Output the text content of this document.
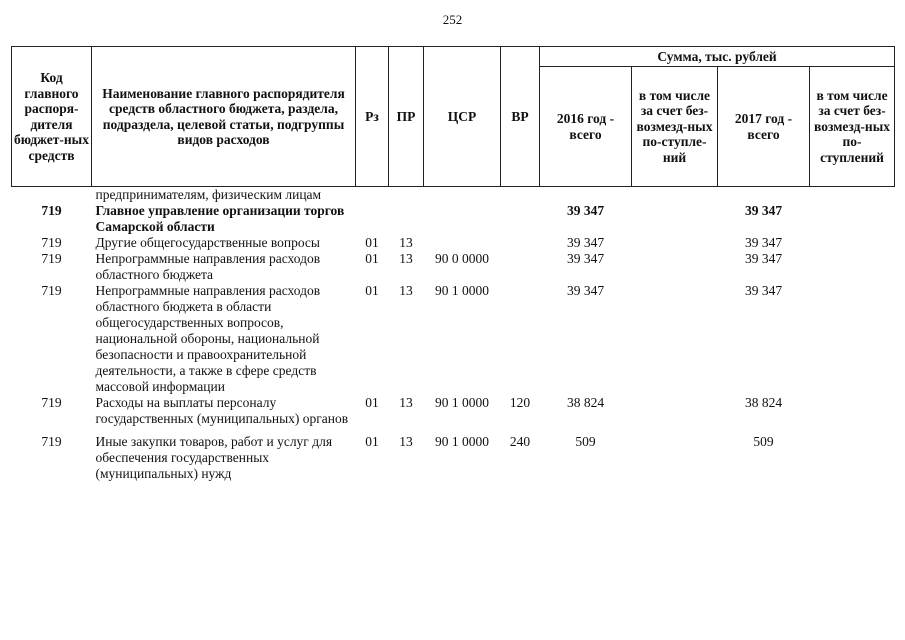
252
Код главного распоря-дителя бюджет-ных средств	Наименование главного распорядителя средств областного бюджета, раздела, подраздела, целевой статьи, подгруппы видов расходов	Рз	ПР	ЦСР	ВР	Сумма, тыс. рублей			
						2016 год - всего	в том числе за счет без-возмезд-ных по-ступле-ний	2017 год - всего	в том числе за счет без-возмезд-ных по-ступлений
	предпринимателям, физическим лицам								
719	Главное управление организации торгов Самарской области					39 347		39 347	
719	Другие общегосударственные вопросы	01	13			39 347		39 347	
719	Непрограммные направления расходов областного бюджета	01	13	90 0 0000		39 347		39 347	
719	Непрограммные направления расходов областного бюджета в области общегосударственных вопросов, национальной обороны, национальной безопасности и правоохранительной деятельности, а также в сфере средств массовой информации	01	13	90 1 0000		39 347		39 347	
719	Расходы на выплаты персоналу государственных (муниципальных) органов	01	13	90 1 0000	120	38 824		38 824	

719	Иные закупки товаров, работ и услуг для обеспечения государственных (муниципальных) нужд	01	13	90 1 0000	240	509		509	
